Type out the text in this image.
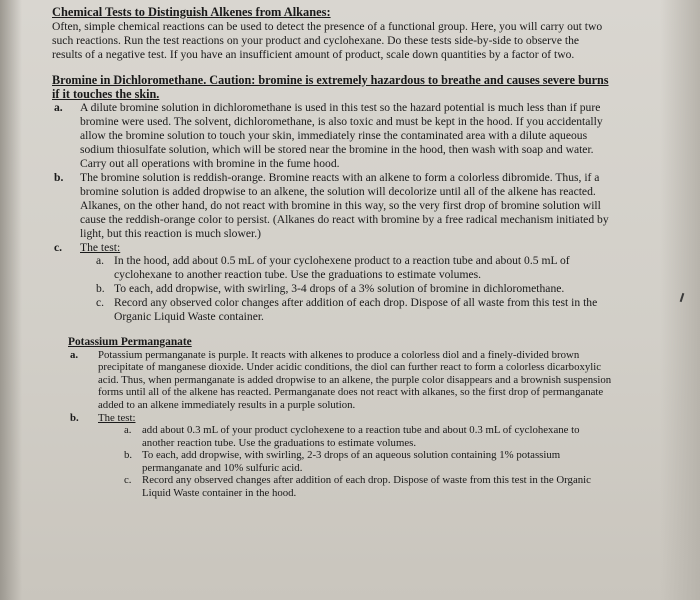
Chemical Tests to Distinguish Alkenes from Alkanes:

Often, simple chemical reactions can be used to detect the presence of a functional group. Here, you will carry out two such reactions. Run the test reactions on your product and cyclohexane. Do these tests side-by-side to observe the results of a negative test. If you have an insufficient amount of product, scale down quantities by a factor of two.

Bromine in Dichloromethane. Caution: bromine is extremely hazardous to breathe and causes severe burns if it touches the skin.
a. A dilute bromine solution in dichloromethane is used in this test so the hazard potential is much less than if pure bromine were used. The solvent, dichloromethane, is also toxic and must be kept in the hood. If you accidentally allow the bromine solution to touch your skin, immediately rinse the contaminated area with a dilute aqueous sodium thiosulfate solution, which will be stored near the bromine in the hood, then wash with soap and water. Carry out all operations with bromine in the fume hood.
b. The bromine solution is reddish-orange. Bromine reacts with an alkene to form a colorless dibromide. Thus, if a bromine solution is added dropwise to an alkene, the solution will decolorize until all of the alkene has reacted. Alkanes, on the other hand, do not react with bromine in this way, so the very first drop of bromine solution will cause the reddish-orange color to persist. (Alkanes do react with bromine by a free radical mechanism initiated by light, but this reaction is much slower.)
c. The test:
a. In the hood, add about 0.5 mL of your cyclohexene product to a reaction tube and about 0.5 mL of cyclohexane to another reaction tube. Use the graduations to estimate volumes.
b. To each, add dropwise, with swirling, 3-4 drops of a 3% solution of bromine in dichloromethane.
c. Record any observed color changes after addition of each drop. Dispose of all waste from this test in the Organic Liquid Waste container.
Potassium Permanganate
a. Potassium permanganate is purple. It reacts with alkenes to produce a colorless diol and a finely-divided brown precipitate of manganese dioxide. Under acidic conditions, the diol can further react to form a colorless dicarboxylic acid. Thus, when permanganate is added dropwise to an alkene, the purple color disappears and a brownish suspension forms until all of the alkene has reacted. Permanganate does not react with alkanes, so the first drop of permanganate added to an alkene immediately results in a purple solution.
b. The test:
a. add about 0.3 mL of your product cyclohexene to a reaction tube and about 0.3 mL of cyclohexane to another reaction tube. Use the graduations to estimate volumes.
b. To each, add dropwise, with swirling, 2-3 drops of an aqueous solution containing 1% potassium permanganate and 10% sulfuric acid.
c. Record any observed changes after addition of each drop. Dispose of waste from this test in the Organic Liquid Waste container in the hood.
